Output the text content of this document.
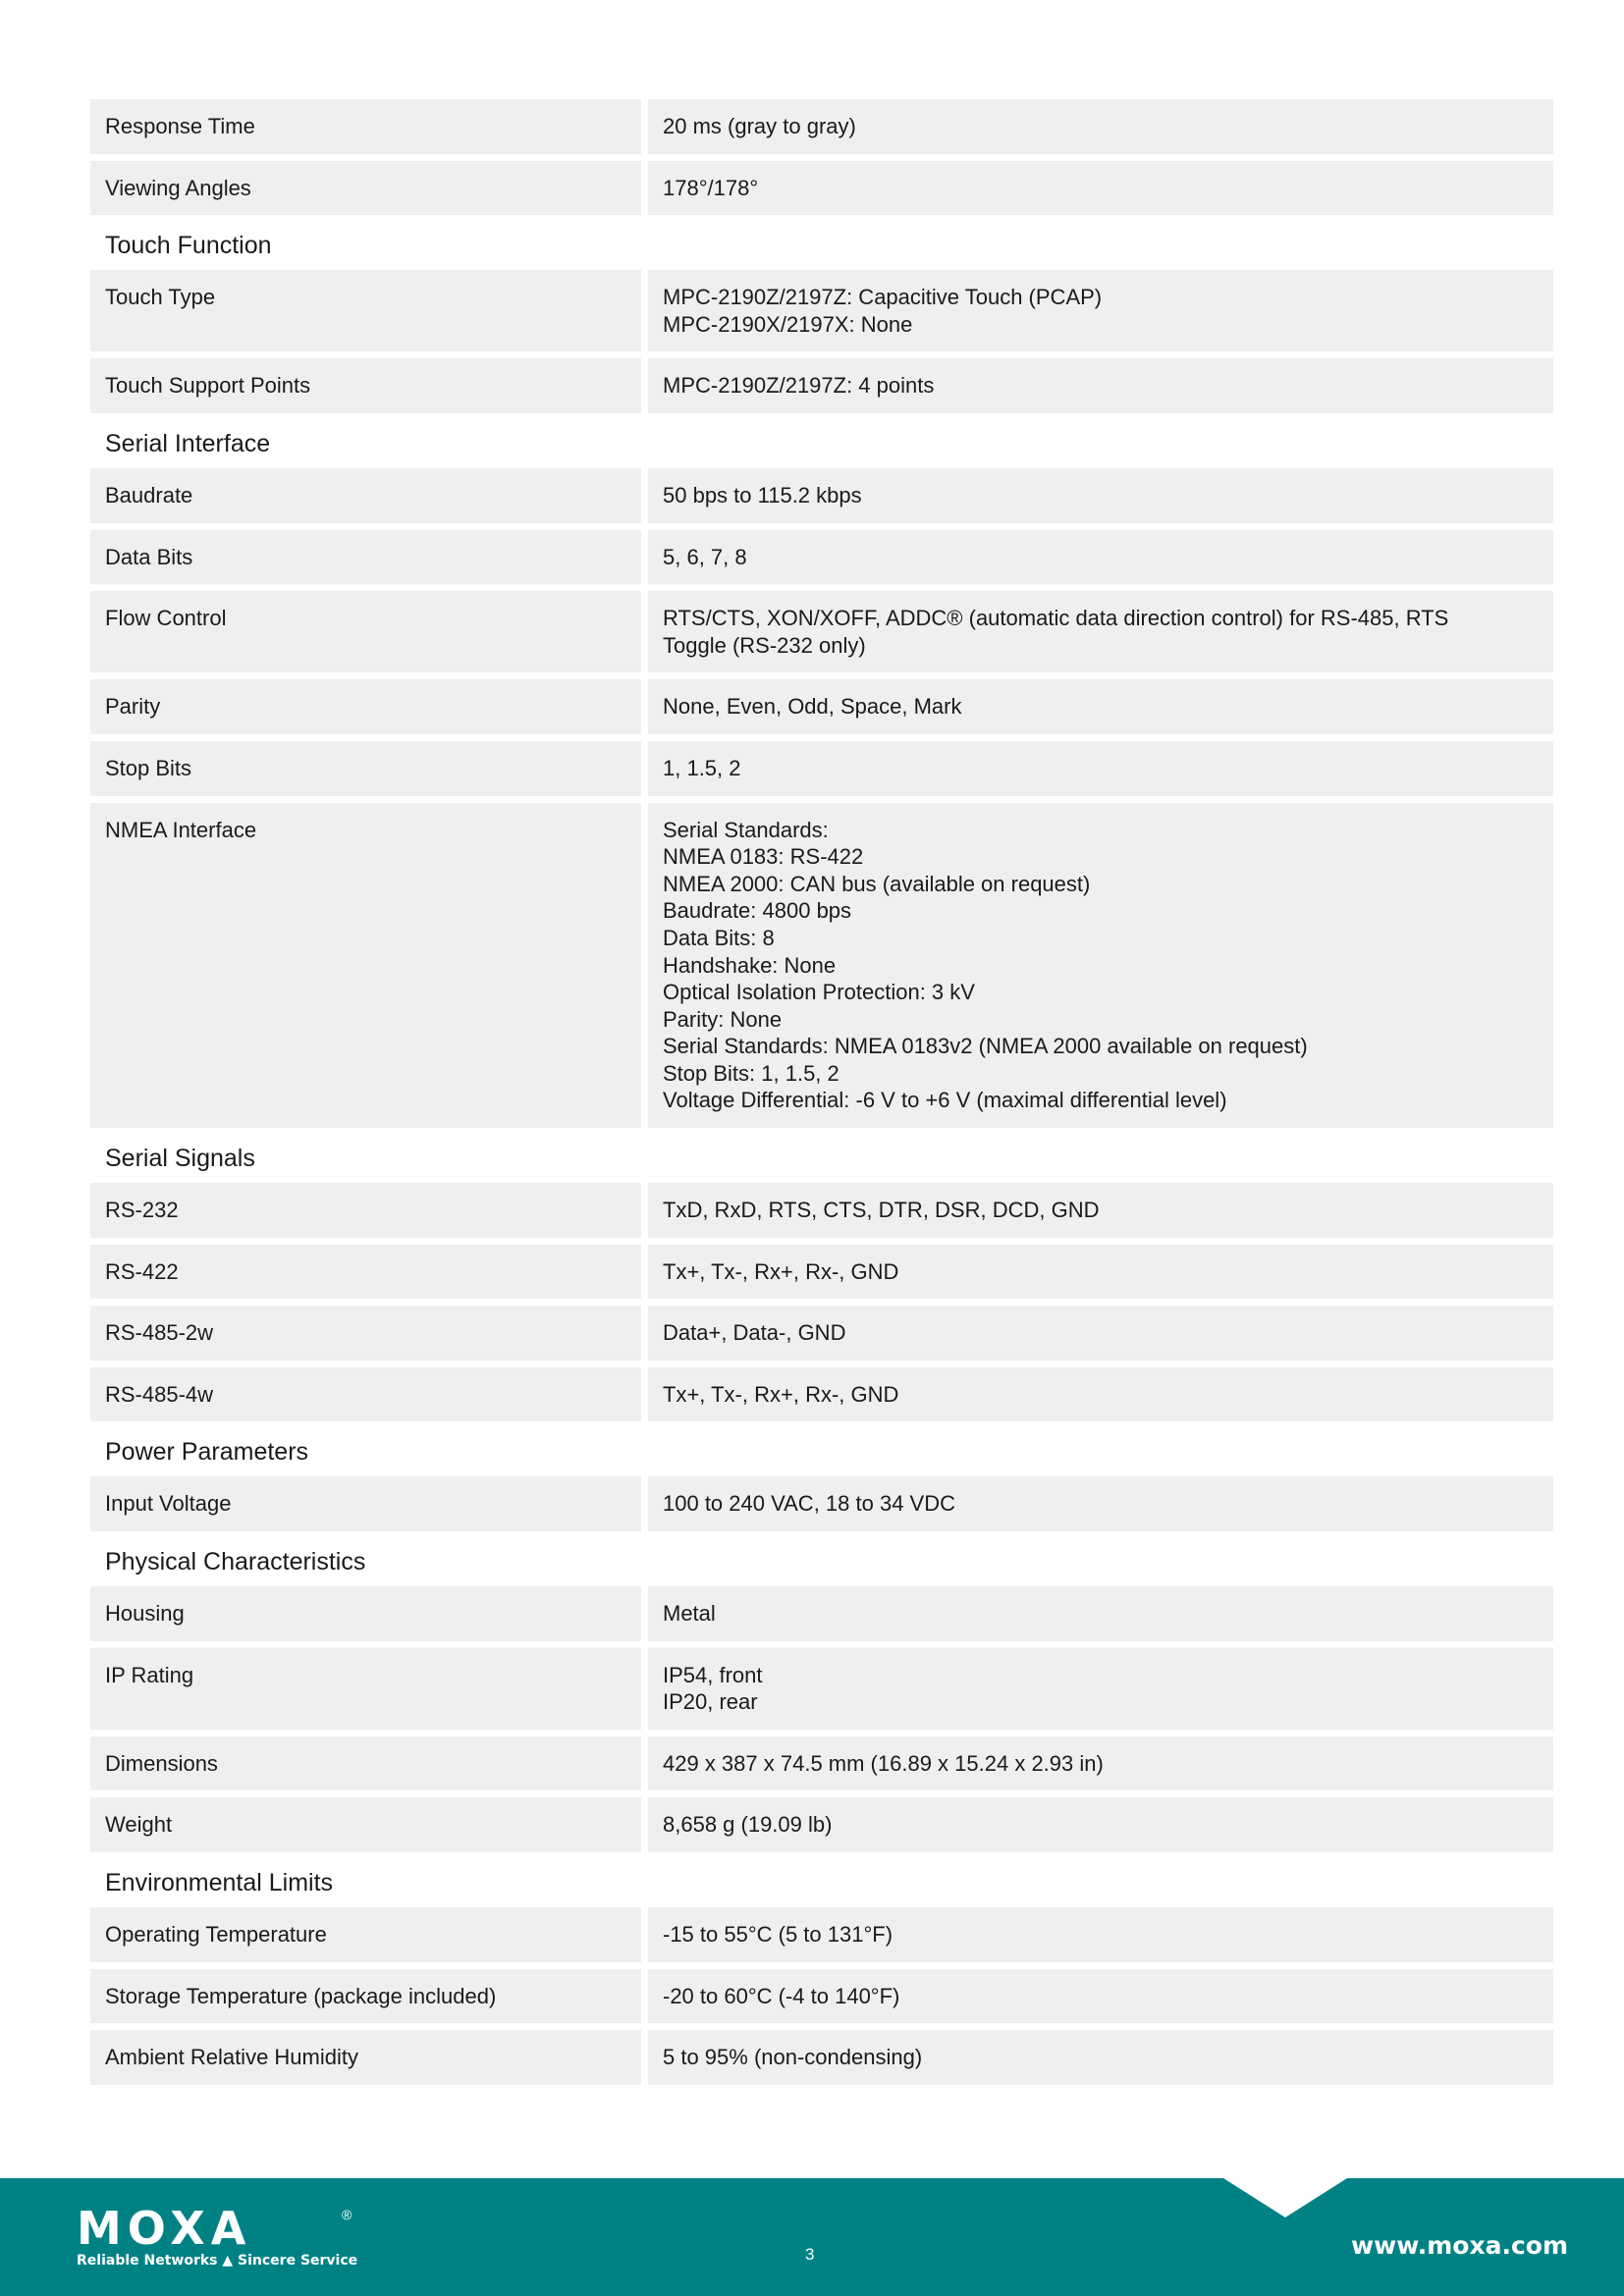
Response Time	20 ms (gray to gray)
Viewing Angles	178°/178°
Touch Function
Touch Type	MPC-2190Z/2197Z: Capacitive Touch (PCAP)
MPC-2190X/2197X: None
Touch Support Points	MPC-2190Z/2197Z: 4 points
Serial Interface
Baudrate	50 bps to 115.2 kbps
Data Bits	5, 6, 7, 8
Flow Control	RTS/CTS, XON/XOFF, ADDC® (automatic data direction control) for RS-485, RTS
Toggle (RS-232 only)
Parity	None, Even, Odd, Space, Mark
Stop Bits	1, 1.5, 2
NMEA Interface	Serial Standards:
NMEA 0183: RS-422
NMEA 2000: CAN bus (available on request)
Baudrate: 4800 bps
Data Bits: 8
Handshake: None
Optical Isolation Protection: 3 kV
Parity: None
Serial Standards: NMEA 0183v2 (NMEA 2000 available on request)
Stop Bits: 1, 1.5, 2
Voltage Differential: -6 V to +6 V (maximal differential level)
Serial Signals
RS-232	TxD, RxD, RTS, CTS, DTR, DSR, DCD, GND
RS-422	Tx+, Tx-, Rx+, Rx-, GND
RS-485-2w	Data+, Data-, GND
RS-485-4w	Tx+, Tx-, Rx+, Rx-, GND
Power Parameters
Input Voltage	100 to 240 VAC, 18 to 34 VDC
Physical Characteristics
Housing	Metal
IP Rating	IP54, front
IP20, rear
Dimensions	429 x 387 x 74.5 mm (16.89 x 15.24 x 2.93 in)
Weight	8,658 g (19.09 lb)
Environmental Limits
Operating Temperature	-15 to 55°C (5 to 131°F)
Storage Temperature (package included)	-20 to 60°C (-4 to 140°F)
Ambient Relative Humidity	5 to 95% (non-condensing)
MOXA	®
Reliable Networks ▲ Sincere Service	3	www.moxa.com
